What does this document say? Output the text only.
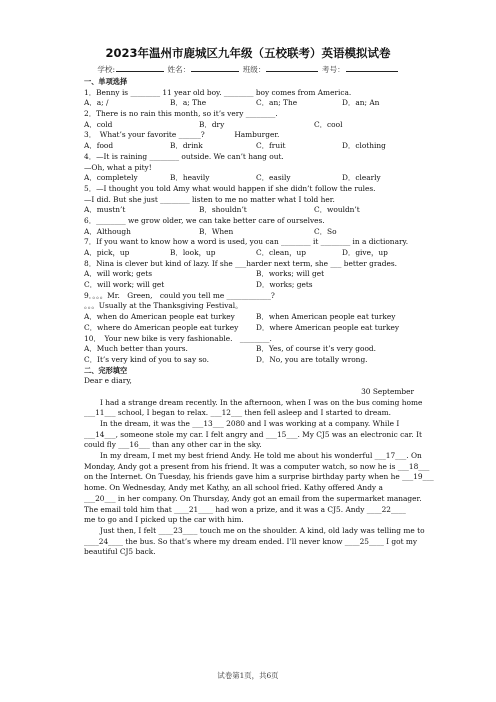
2023年温州市鹿城区九年级（五校联考）英语模拟试卷
学校:	姓名：	班级：	考号：
一、单项选择
1．Benny is ________ 11 year old boy. ________ boy comes from America.
A．a; /	B．a; The	C．an; The	D．an; An
2．There is no rain this month, so it’s very ________.
A．cold	B．dry	C．cool
3．　What’s your favorite ______?　　　　Hamburger.
A．food	B．drink	C．fruit	D．clothing
4．—It is raining ________ outside. We can’t hang out.
—Oh, what a pity!
A．completely	B．heavily	C．easily	D．clearly
5．—I thought you told Amy what would happen if she didn’t follow the rules.
—I did. But she just ________ listen to me no matter what I told her.
A．mustn’t	B．shouldn’t	C．wouldn’t
6．________ we grow older, we can take better care of ourselves.
A．Although	B．When	C．So
7．If you want to know how a word is used, you can ________ it ________ in a dictionary.
A．pick，up	B．look，up	C．clean，up	D．give，up
8．Nina is clever but kind of lazy. If she ___harder next term, she ___ better grades.
A．will work; gets	B．works; will get
C．will work; will get	D．works; gets
9．。。。Mr.　Green,　could you tell me ____________?
。。。Usually at the Thanksgiving Festival。
A．when do American people eat turkey	B．when American people eat turkey
C．where do American people eat turkey	D．where American people eat turkey
10．　Your new bike is very fashionable.　________.
A．Much better than yours.	B．Yes, of course it’s very good.
C．It’s very kind of you to say so.	D．No, you are totally wrong.
二、完形填空
Dear e diary,
30 September
I had a strange dream recently. In the afternoon, when I was on the bus coming home
___11___ school, I began to relax. ___12___ then fell asleep and I started to dream.
In the dream, it was the ___13___ 2080 and I was working at a company. While I
___14___, someone stole my car. I felt angry and ___15___. My CJ5 was an electronic car. It
could fly ___16___ than any other car in the sky.
In my dream, I met my best friend Andy. He told me about his wonderful ___17___. On
Monday, Andy got a present from his friend. It was a computer watch, so now he is ___18___
on the Internet. On Tuesday, his friends gave him a surprise birthday party when he ___19___
home. On Wednesday, Andy met Kathy, an all school fried. Kathy offered Andy a
___20___ in her company. On Thursday, Andy got an email from the supermarket manager.
The email told him that ____21____ had won a prize, and it was a CJ5. Andy ____22____
me to go and I picked up the car with him.
Just then, I felt ____23____ touch me on the shoulder. A kind, old lady was telling me to
____24____ the bus. So that’s where my dream ended. I’ll never know ____25____ I got my
beautiful CJ5 back.
试卷第1页，共6页
